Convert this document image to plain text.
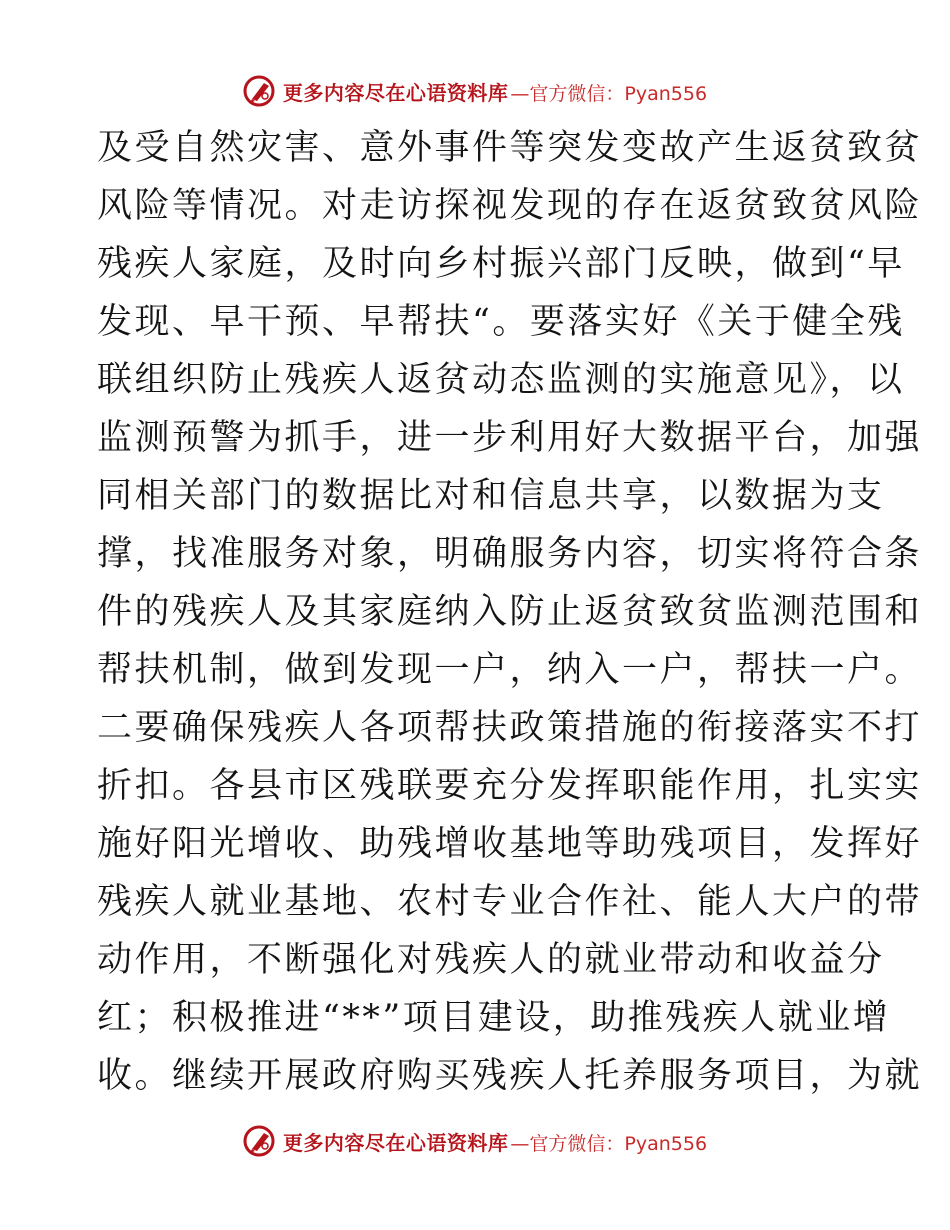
更多内容尽在心语资料库 —官方微信：Pyan556
及受自然灾害、意外事件等突发变故产生返贫致贫
风险等情况。对走访探视发现的存在返贫致贫风险
残疾人家庭，及时向乡村振兴部门反映，做到“早
发现、早干预、早帮扶“。要落实好《关于健全残
联组织防止残疾人返贫动态监测的实施意见》，以
监测预警为抓手，进一步利用好大数据平台，加强
同相关部门的数据比对和信息共享，以数据为支
撑，找准服务对象，明确服务内容，切实将符合条
件的残疾人及其家庭纳入防止返贫致贫监测范围和
帮扶机制，做到发现一户，纳入一户，帮扶一户。
二要确保残疾人各项帮扶政策措施的衔接落实不打
折扣。各县市区残联要充分发挥职能作用，扎实实
施好阳光增收、助残增收基地等助残项目，发挥好
残疾人就业基地、农村专业合作社、能人大户的带
动作用，不断强化对残疾人的就业带动和收益分
红；积极推进“**”项目建设，助推残疾人就业增
收。继续开展政府购买残疾人托养服务项目，为就
更多内容尽在心语资料库 —官方微信：Pyan556
